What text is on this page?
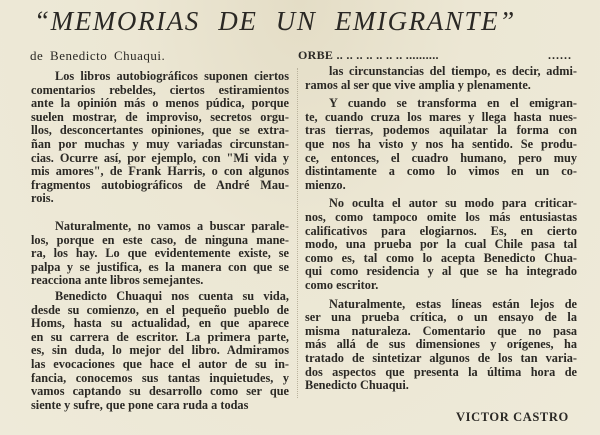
“MEMORIAS DE UN EMIGRANTE”
de Benedicto Chuaqui.	ORBE .. .. .. .. .. .. .. ..........	......
Los libros autobiográficos suponen ciertos
comentarios rebeldes, ciertos estiramientos
ante la opinión más o menos púdica, porque
suelen mostrar, de improviso, secretos orgu-
llos, desconcertantes opiniones, que se extra-
ñan por muchas y muy variadas circunstan-
cias. Ocurre así, por ejemplo, con "Mi vida y
mis amores", de Frank Harris, o con algunos
fragmentos autobiográficos de André Mau-
rois.
Naturalmente, no vamos a buscar parale-
los, porque en este caso, de ninguna mane-
ra, los hay. Lo que evidentemente existe, se
palpa y se justifica, es la manera con que se
reacciona ante libros semejantes.
Benedicto Chuaqui nos cuenta su vida,
desde su comienzo, en el pequeño pueblo de
Homs, hasta su actualidad, en que aparece
en su carrera de escritor. La primera parte,
es, sin duda, lo mejor del libro. Admiramos
las evocaciones que hace el autor de su in-
fancia, conocemos sus tantas inquietudes, y
vamos captando su desarrollo como ser que
siente y sufre, que pone cara ruda a todas
las circunstancias del tiempo, es decir, admi-
ramos al ser que vive amplia y plenamente.
Y cuando se transforma en el emigran-
te, cuando cruza los mares y llega hasta nues-
tras tierras, podemos aquilatar la forma con
que nos ha visto y nos ha sentido. Se produ-
ce, entonces, el cuadro humano, pero muy
distintamente a como lo vimos en un co-
mienzo.
No oculta el autor su modo para criticar-
nos, como tampoco omite los más entusiastas
calificativos para elogiarnos. Es, en cierto
modo, una prueba por la cual Chile pasa tal
como es, tal como lo acepta Benedicto Chua-
qui como residencia y al que se ha integrado
como escritor.
Naturalmente, estas líneas están lejos de
ser una prueba crítica, o un ensayo de la
misma naturaleza. Comentario que no pasa
más allá de sus dimensiones y orígenes, ha
tratado de sintetizar algunos de los tan varia-
dos aspectos que presenta la última hora de
Benedicto Chuaqui.
VICTOR CASTRO
